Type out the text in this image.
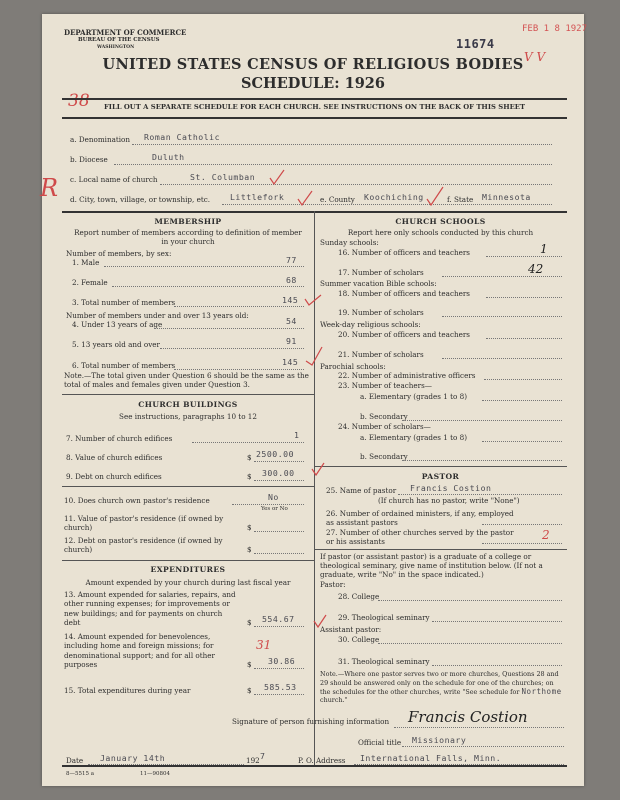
DEPARTMENT OF COMMERCE
BUREAU OF THE CENSUS
WASHINGTON	11674
FEB 1 8 1927
V V
UNITED STATES CENSUS OF RELIGIOUS BODIES
SCHEDULE: 1926
38	FILL OUT A SEPARATE SCHEDULE FOR EACH CHURCH. SEE INSTRUCTIONS ON THE BACK OF THIS SHEET
a. Denomination Roman Catholic
b. Diocese	Duluth
c. Local name of church	St. Columban
d. City, town, village, or township, etc. Littlefork	e. County Koochiching	f. State Minnesota
R
MEMBERSHIP
Report number of members according to definition of member in your church
Number of members, by sex:
1. Male	77
2. Female	68
3. Total number of members	145
Number of members under and over 13 years old:
4. Under 13 years of age	54
5. 13 years old and over	91
6. Total number of members	145
Note.—The total given under Question 6 should be the same as the total of males and females given under Question 3.
CHURCH BUILDINGS
See instructions, paragraphs 10 to 12
7. Number of church edifices	1
8. Value of church edifices	$ 2500.00
9. Debt on church edifices	$ 300.00
10. Does church own pastor's residence	No
Yes or No
11. Value of pastor's residence (if owned by church)	$
12. Debt on pastor's residence (if owned by church)	$
EXPENDITURES
Amount expended by your church during last fiscal year
13. Amount expended for salaries, repairs, and other running expenses; for improvements or new buildings; and for payments on church debt	$ 554.67
14. Amount expended for benevolences, including home and foreign missions; for denominational support; and for all other purposes	$ 30.86
31
15. Total expenditures during year	$ 585.53
CHURCH SCHOOLS
Report here only schools conducted by this church
Sunday schools:
16. Number of officers and teachers	1
17. Number of scholars	42
Summer vacation Bible schools:
18. Number of officers and teachers
19. Number of scholars
Week-day religious schools:
20. Number of officers and teachers
21. Number of scholars
Parochial schools:
22. Number of administrative officers
23. Number of teachers—
a. Elementary (grades 1 to 8)
b. Secondary
24. Number of scholars—
a. Elementary (grades 1 to 8)
b. Secondary
PASTOR
25. Name of pastor Francis Costion
(If church has no pastor, write "None")
26. Number of ordained ministers, if any, employed as assistant pastors
27. Number of other churches served by the pastor or his assistants	2
If pastor (or assistant pastor) is a graduate of a college or theological seminary, give name of institution below. (If not a graduate, write "No" in the space indicated.)
Pastor:
28. College
29. Theological seminary
Assistant pastor:
30. College
31. Theological seminary
Note.—Where one pastor serves two or more churches, Questions 28 and 29 should be answered only on the schedule for one of the churches; on the schedules for the other churches, write "See schedule for Northome church."
Signature of person furnishing information Francis Costion
Official title Missionary
Date January 14th	192 7	P. O. Address International Falls, Minn.
8—5515 a	11—90804
